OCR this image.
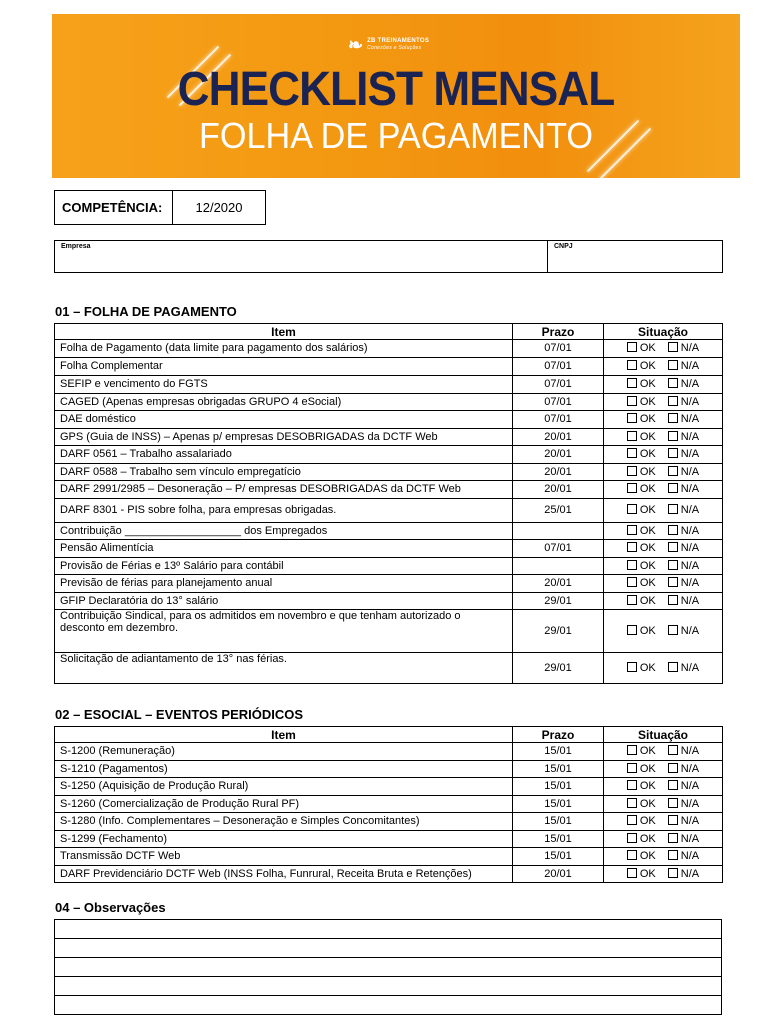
❧ ZB TREINAMENTOS
Conexões e Soluções
CHECKLIST MENSAL
FOLHA DE PAGAMENTO
COMPETÊNCIA:	12/2020
Empresa	CNPJ
01 – FOLHA DE PAGAMENTO
Item	Prazo	Situação
Folha de Pagamento (data limite para pagamento dos salários)	07/01	OK N/A
Folha Complementar	07/01	OK N/A
SEFIP e vencimento do FGTS	07/01	OK N/A
CAGED (Apenas empresas obrigadas GRUPO 4 eSocial)	07/01	OK N/A
DAE doméstico	07/01	OK N/A
GPS (Guia de INSS) – Apenas p/ empresas DESOBRIGADAS da DCTF Web	20/01	OK N/A
DARF 0561 – Trabalho assalariado	20/01	OK N/A
DARF 0588 – Trabalho sem vínculo empregatício	20/01	OK N/A
DARF 2991/2985 – Desoneração – P/ empresas DESOBRIGADAS da DCTF Web	20/01	OK N/A
DARF 8301 - PIS sobre folha, para empresas obrigadas.	25/01	OK N/A
Contribuição ___________________ dos Empregados		OK N/A
Pensão Alimentícia	07/01	OK N/A
Provisão de Férias e 13º Salário para contábil		OK N/A
Previsão de férias para planejamento anual	20/01	OK N/A
GFIP Declaratória do 13° salário	29/01	OK N/A
Contribuição Sindical, para os admitidos em novembro e que tenham autorizado o desconto em dezembro.	29/01	OK N/A
Solicitação de adiantamento de 13° nas férias.	29/01	OK N/A
02 – ESOCIAL – EVENTOS PERIÓDICOS
Item	Prazo	Situação
S-1200 (Remuneração)	15/01	OK N/A
S-1210 (Pagamentos)	15/01	OK N/A
S-1250 (Aquisição de Produção Rural)	15/01	OK N/A
S-1260 (Comercialização de Produção Rural PF)	15/01	OK N/A
S-1280 (Info. Complementares – Desoneração e Simples Concomitantes)	15/01	OK N/A
S-1299 (Fechamento)	15/01	OK N/A
Transmissão DCTF Web	15/01	OK N/A
DARF Previdenciário DCTF Web (INSS Folha, Funrural, Receita Bruta e Retenções)	20/01	OK N/A
04 – Observações
